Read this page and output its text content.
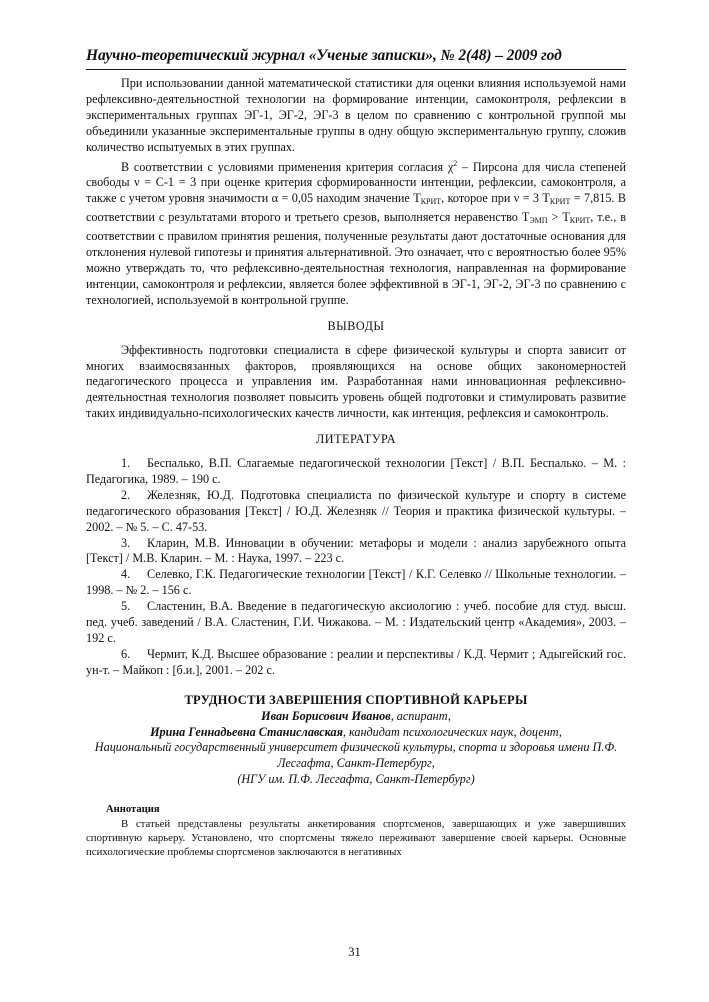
Научно-теоретический журнал «Ученые записки», № 2(48) – 2009 год

При использовании данной математической статистики для оценки влияния используемой нами рефлексивно-деятельностной технологии на формирование интенции, самоконтроля, рефлексии в экспериментальных группах ЭГ-1, ЭГ-2, ЭГ-3 в целом по сравнению с контрольной группой мы объединили указанные экспериментальные группы в одну общую экспериментальную группу, сложив количество испытуемых в этих группах.

В соответствии с условиями применения критерия согласия $\chi^2$ – Пирсона для числа степеней свободы ν = С-1 = 3 при оценке критерия сформированности интенции, рефлексии, самоконтроля, а также с учетом уровня значимости α = 0,05 находим значение $Т_{КРИТ}$, которое при ν = 3 $Т_{КРИТ} = 7,815$. В соответствии с результатами второго и третьего срезов, выполняется неравенство $Т_{ЭМП} > Т_{КРИТ}$, т.е., в соответствии с правилом принятия решения, полученные результаты дают достаточные основания для отклонения нулевой гипотезы и принятия альтернативной. Это означает, что с вероятностью более 95% можно утверждать то, что рефлексивно-деятельностная технология, направленная на формирование интенции, самоконтроля и рефлексии, является более эффективной в ЭГ-1, ЭГ-2, ЭГ-3 по сравнению с технологией, используемой в контрольной группе.

ВЫВОДЫ

Эффективность подготовки специалиста в сфере физической культуры и спорта зависит от многих взаимосвязанных факторов, проявляющихся на основе общих закономерностей педагогического процесса и управления им. Разработанная нами инновационная рефлексивно-деятельностная технология позволяет повысить уровень общей подготовки и стимулировать развитие таких индивидуально-психологических качеств личности, как интенция, рефлексия и самоконтроль.

ЛИТЕРАТУРА

1. Беспалько, В.П. Слагаемые педагогической технологии [Текст] / В.П. Беспалько. – М. : Педагогика, 1989. – 190 с.

2. Железняк, Ю.Д. Подготовка специалиста по физической культуре и спорту в системе педагогического образования [Текст] / Ю.Д. Железняк // Теория и практика физической культуры. – 2002. – № 5. – С. 47-53.

3. Кларин, М.В. Инновации в обучении: метафоры и модели : анализ зарубежного опыта [Текст] / М.В. Кларин. – М. : Наука, 1997. – 223 с.

4. Селевко, Г.К. Педагогические технологии [Текст] / К.Г. Селевко // Школьные технологии. – 1998. – № 2. – 156 с.

5. Сластенин, В.А. Введение в педагогическую аксиологию : учеб. пособие для студ. высш. пед. учеб. заведений / В.А. Сластенин, Г.И. Чижакова. – М. : Издательский центр «Академия», 2003. – 192 с.

6. Чермит, К.Д. Высшее образование : реалии и перспективы / К.Д. Чермит ; Адыгейский гос. ун-т. – Майкоп : [б.и.], 2001. – 202 с.

ТРУДНОСТИ ЗАВЕРШЕНИЯ СПОРТИВНОЙ КАРЬЕРЫ
Иван Борисович Иванов, аспирант,
Ирина Геннадьевна Станиславская, кандидат психологических наук, доцент,
Национальный государственный университет физической культуры, спорта и здоровья имени П.Ф. Лесгафта, Санкт-Петербург,
(НГУ им. П.Ф. Лесгафта, Санкт-Петербург)
Аннотация

В статьей представлены результаты анкетирования спортсменов, завершающих и уже завершивших спортивную карьеру. Установлено, что спортсмены тяжело переживают завершение своей карьеры. Основные психологические проблемы спортсменов заключаются в негативных

31
